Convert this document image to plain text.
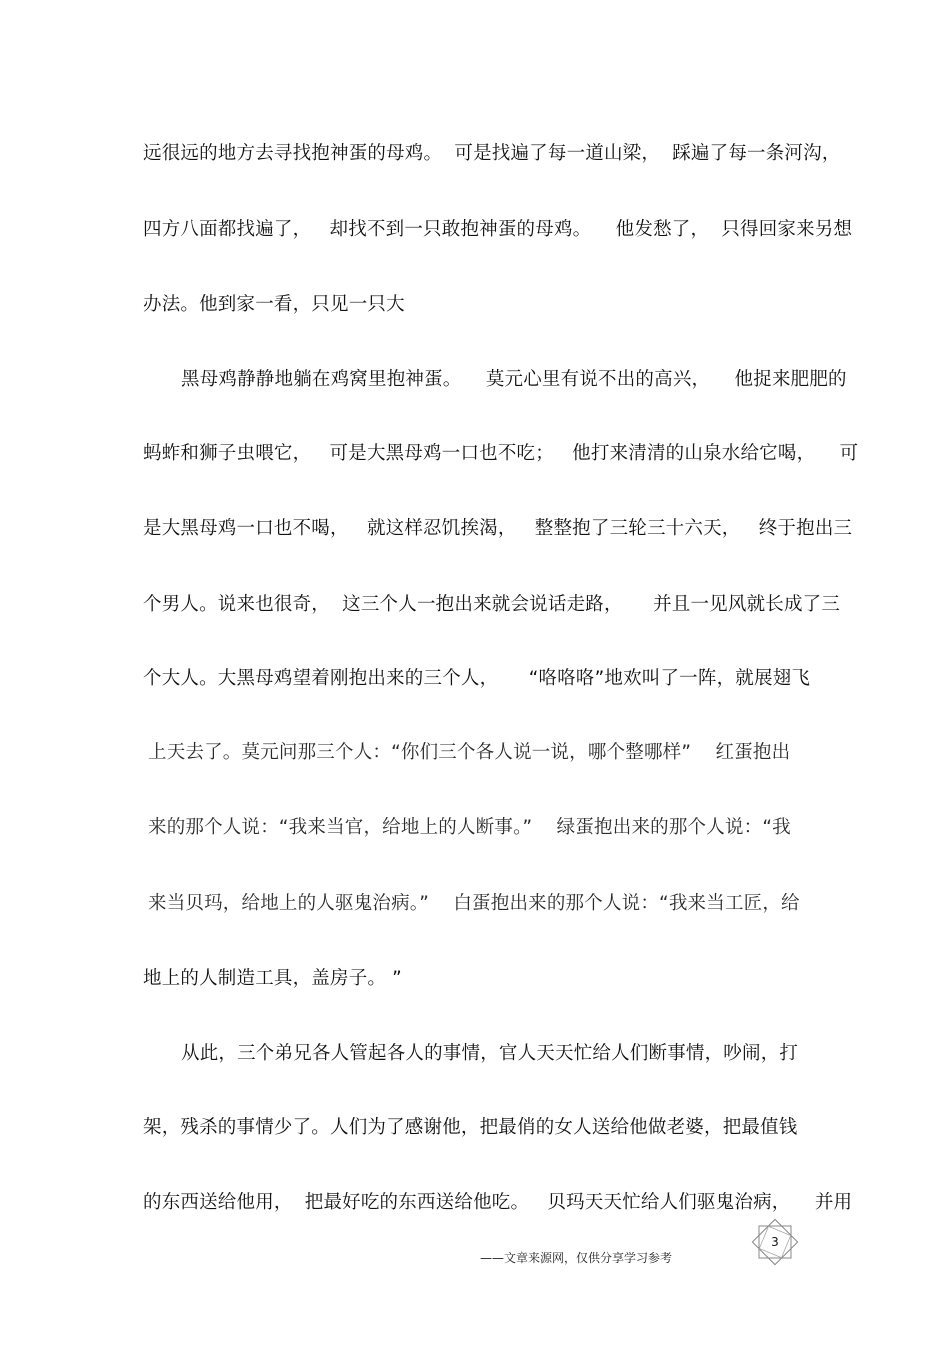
远很远的地方去寻找抱神蛋的母鸡。  可是找遍了每一道山梁，  踩遍了每一条河沟，
四方八面都找遍了，   却找不到一只敢抱神蛋的母鸡。    他发愁了，  只得回家来另想
办法。他到家一看，只见一只大
黑母鸡静静地躺在鸡窝里抱神蛋。    莫元心里有说不出的高兴，    他捉来肥肥的
蚂蚱和狮子虫喂它，   可是大黑母鸡一口也不吃；   他打来清清的山泉水给它喝，    可
是大黑母鸡一口也不喝，   就这样忍饥挨渴，   整整抱了三轮三十六天，   终于抱出三
个男人。说来也很奇，  这三个人一抱出来就会说话走路，     并且一见风就长成了三
个大人。大黑母鸡望着刚抱出来的三个人，     “咯咯咯”地欢叫了一阵，就展翅飞
上天去了。莫元问那三个人：“你们三个各人说一说，哪个整哪样”    红蛋抱出
来的那个人说：“我来当官，给地上的人断事。”    绿蛋抱出来的那个人说：“我
来当贝玛，给地上的人驱鬼治病。”    白蛋抱出来的那个人说：“我来当工匠，给
地上的人制造工具，盖房子。 ”
从此，三个弟兄各人管起各人的事情，官人天天忙给人们断事情，吵闹，打
架，残杀的事情少了。人们为了感谢他，把最俏的女人送给他做老婆，把最值钱
的东西送给他用，  把最好吃的东西送给他吃。   贝玛天天忙给人们驱鬼治病，    并用
——文章来源网，仅供分享学习参考
3
